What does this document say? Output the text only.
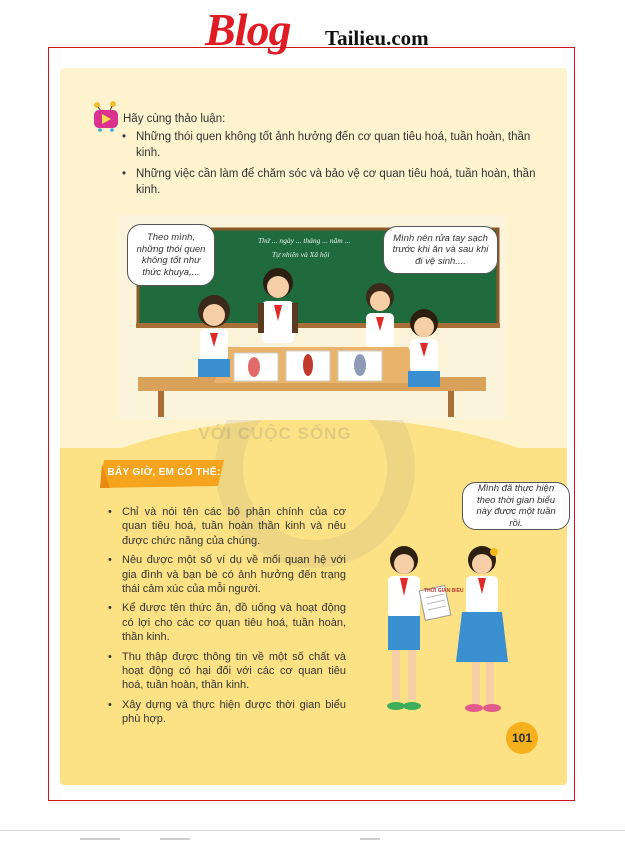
Blog Tailieu.com
VỚI CUỘC SỐNG
Hãy cùng thảo luận:
• Những thói quen không tốt ảnh hưởng đến cơ quan tiêu hoá, tuần hoàn, thần kinh.
• Những việc cần làm để chăm sóc và bảo vệ cơ quan tiêu hoá, tuần hoàn, thần kinh.
Thứ ... ngày ... tháng ... năm ...
Tự nhiên và Xã hội
Theo mình, những thói quen không tốt như thức khuya,...
Mình nên rửa tay sạch trước khi ăn và sau khi đi vệ sinh....
BÂY GIỜ, EM CÓ THỂ:
• Chỉ và nói tên các bộ phận chính của cơ quan tiêu hoá, tuần hoàn thần kinh và nêu được chức năng của chúng.
• Nêu được một số ví dụ về mối quan hệ với gia đình và bạn bè có ảnh hưởng đến trạng thái cảm xúc của mỗi người.
• Kể được tên thức ăn, đồ uống và hoạt động có lợi cho các cơ quan tiêu hoá, tuần hoàn, thần kinh.
• Thu thập được thông tin về một số chất và hoạt động có hại đối với các cơ quan tiêu hoá, tuần hoàn, thần kinh.
• Xây dựng và thực hiện được thời gian biểu phù hợp.
Mình đã thực hiện theo thời gian biểu này được một tuần rồi.
THỜI GIAN BIỂU
101
